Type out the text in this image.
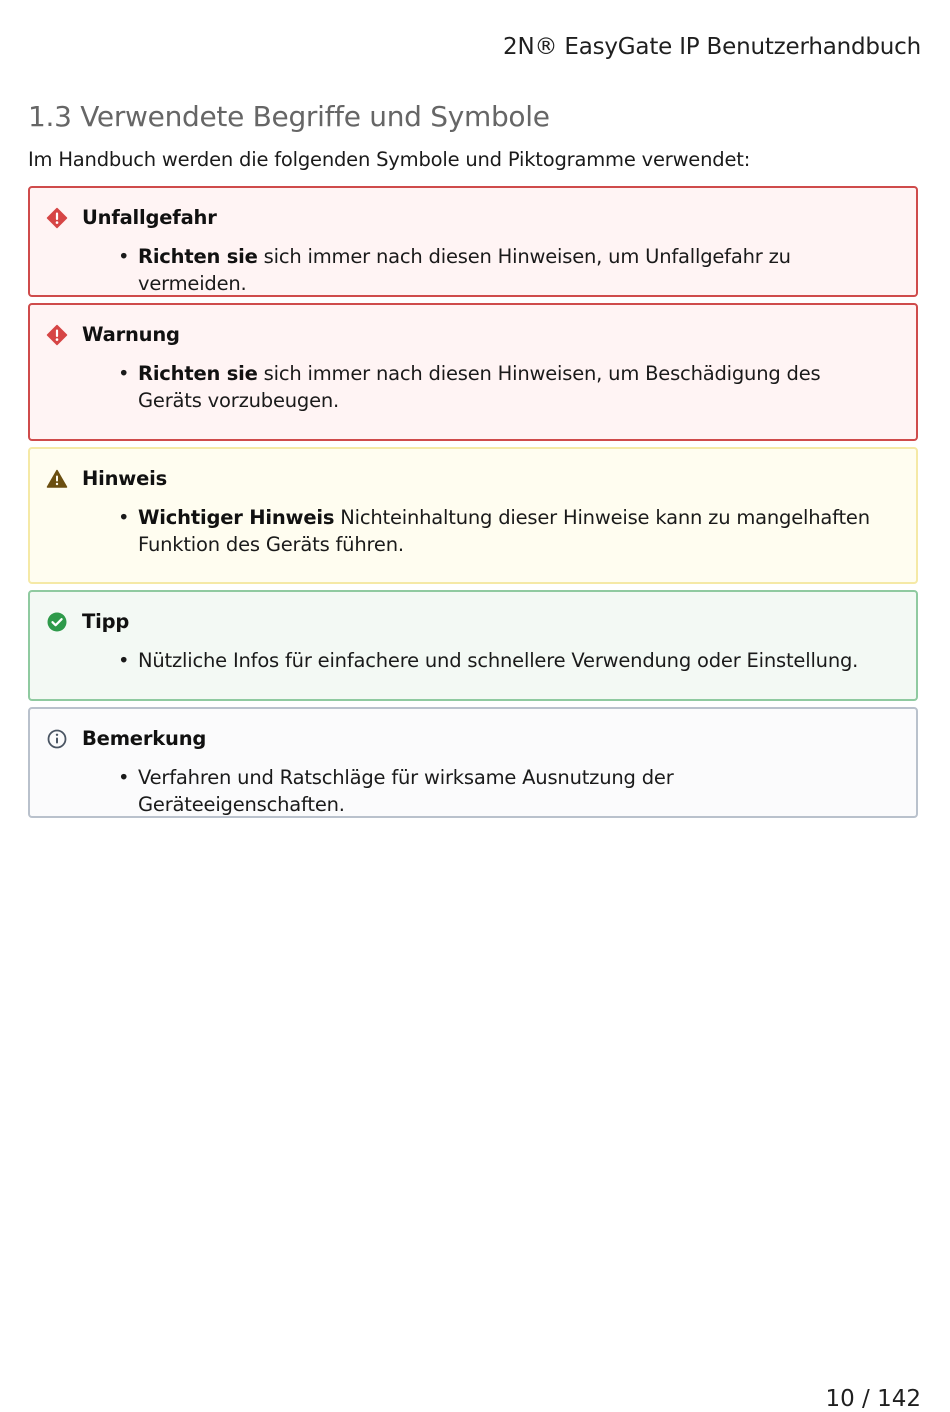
2N® EasyGate IP Benutzerhandbuch
1.3 Verwendete Begriffe und Symbole

Im Handbuch werden die folgenden Symbole und Piktogramme verwendet:

Unfallgefahr
• Richten sie sich immer nach diesen Hinweisen, um Unfallgefahr zu vermeiden.
Warnung
• Richten sie sich immer nach diesen Hinweisen, um Beschädigung des Geräts vorzubeugen.
Hinweis
• Wichtiger Hinweis Nichteinhaltung dieser Hinweise kann zu mangelhaften Funktion des Geräts führen.
Tipp
• Nützliche Infos für einfachere und schnellere Verwendung oder Einstellung.
Bemerkung
• Verfahren und Ratschläge für wirksame Ausnutzung der Geräteeigenschaften.
10 / 142
